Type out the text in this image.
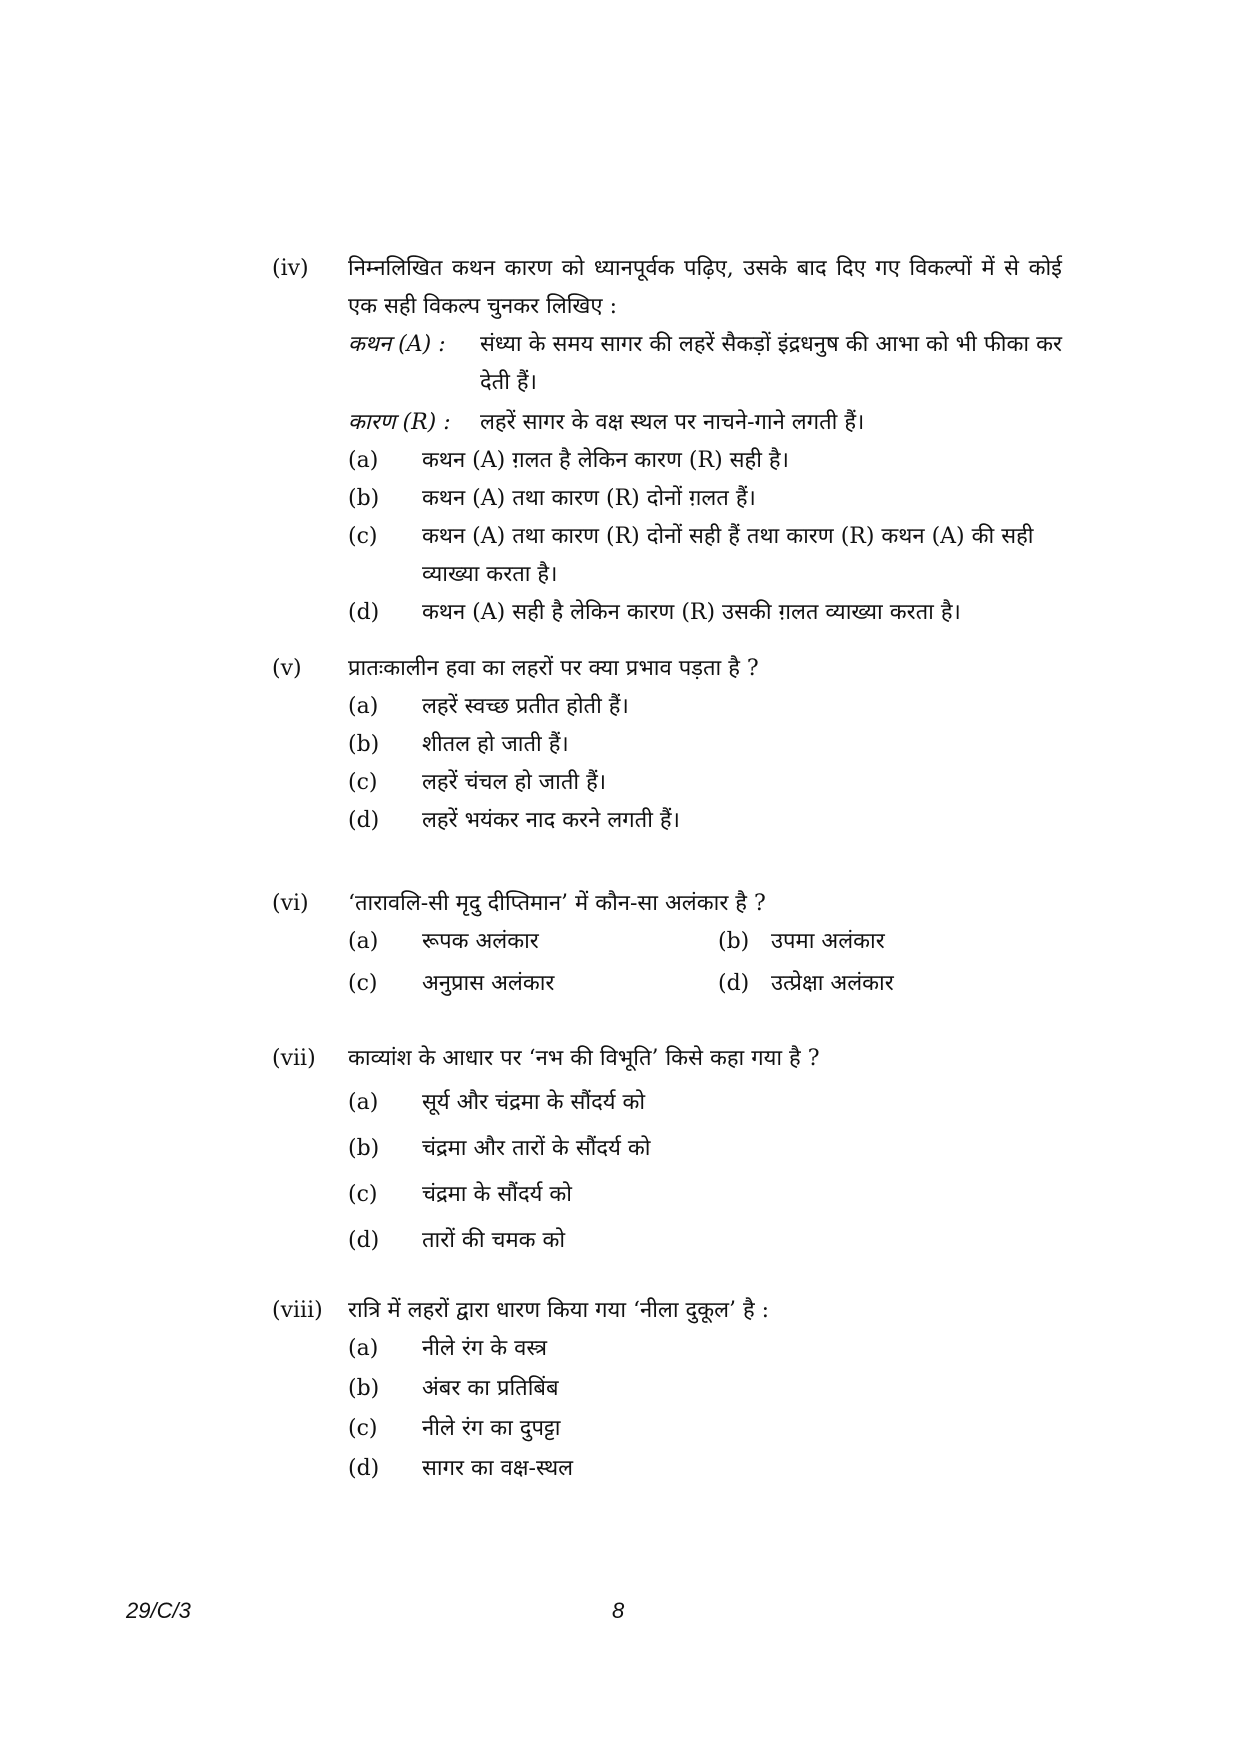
(iv)	निम्नलिखित कथन कारण को ध्यानपूर्वक पढ़िए, उसके बाद दिए गए विकल्पों में से कोई एक सही विकल्प चुनकर लिखिए :
कथन (A) :	संध्या के समय सागर की लहरें सैकड़ों इंद्रधनुष की आभा को भी फीका कर देती हैं।
कारण (R) :	लहरें सागर के वक्ष स्थल पर नाचने-गाने लगती हैं।
(a)	कथन (A) ग़लत है लेकिन कारण (R) सही है।
(b)	कथन (A) तथा कारण (R) दोनों ग़लत हैं।
(c)	कथन (A) तथा कारण (R) दोनों सही हैं तथा कारण (R) कथन (A) की सही व्याख्या करता है।
(d)	कथन (A) सही है लेकिन कारण (R) उसकी ग़लत व्याख्या करता है।
(v)	प्रातःकालीन हवा का लहरों पर क्या प्रभाव पड़ता है ?
(a)	लहरें स्वच्छ प्रतीत होती हैं।
(b)	शीतल हो जाती हैं।
(c)	लहरें चंचल हो जाती हैं।
(d)	लहरें भयंकर नाद करने लगती हैं।
(vi)	‘तारावलि-सी मृदु दीप्तिमान’ में कौन-सा अलंकार है ?
(a)	रूपक अलंकार	(b) उपमा अलंकार
(c)	अनुप्रास अलंकार	(d) उत्प्रेक्षा अलंकार
(vii)	काव्यांश के आधार पर ‘नभ की विभूति’ किसे कहा गया है ?
(a)	सूर्य और चंद्रमा के सौंदर्य को
(b)	चंद्रमा और तारों के सौंदर्य को
(c)	चंद्रमा के सौंदर्य को
(d)	तारों की चमक को
(viii)	रात्रि में लहरों द्वारा धारण किया गया ‘नीला दुकूल’ है :
(a)	नीले रंग के वस्त्र
(b)	अंबर का प्रतिबिंब
(c)	नीले रंग का दुपट्टा
(d)	सागर का वक्ष-स्थल
29/C/3	8
